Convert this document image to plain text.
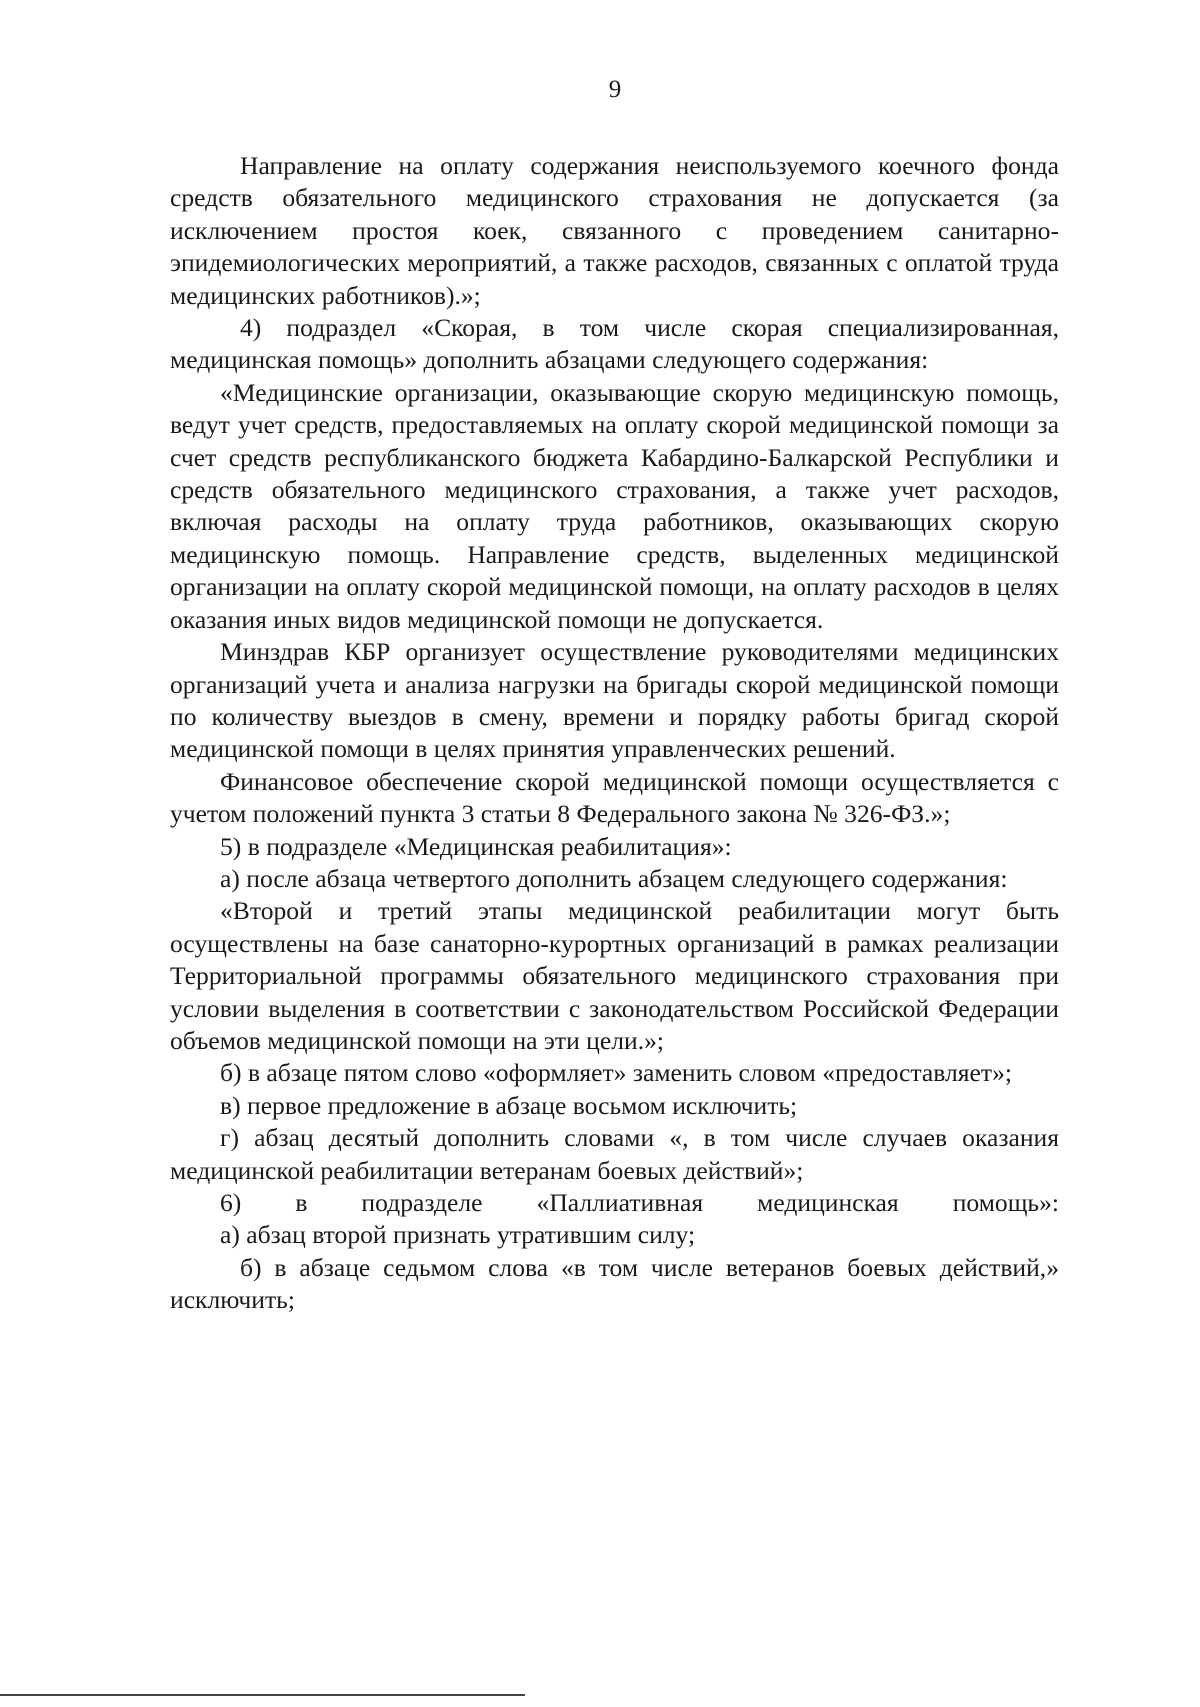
9

Направление на оплату содержания неиспользуемого коечного фонда средств обязательного медицинского страхования не допускается (за исключением простоя коек, связанного с проведением санитарно-эпидемиологических мероприятий, а также расходов, связанных с оплатой труда медицинских работников).»;

4) подраздел «Скорая, в том числе скорая специализированная, медицинская помощь» дополнить абзацами следующего содержания:

«Медицинские организации, оказывающие скорую медицинскую помощь, ведут учет средств, предоставляемых на оплату скорой медицинской помощи за счет средств республиканского бюджета Кабардино-Балкарской Республики и средств обязательного медицинского страхования, а также учет расходов, включая расходы на оплату труда работников, оказывающих скорую медицинскую помощь. Направление средств, выделенных медицинской организации на оплату скорой медицинской помощи, на оплату расходов в целях оказания иных видов медицинской помощи не допускается.

Минздрав КБР организует осуществление руководителями медицинских организаций учета и анализа нагрузки на бригады скорой медицинской помощи по количеству выездов в смену, времени и порядку работы бригад скорой медицинской помощи в целях принятия управленческих решений.

Финансовое обеспечение скорой медицинской помощи осуществляется с учетом положений пункта 3 статьи 8 Федерального закона № 326-ФЗ.»;

5) в подразделе «Медицинская реабилитация»:

а) после абзаца четвертого дополнить абзацем следующего содержания:

«Второй и третий этапы медицинской реабилитации могут быть осуществлены на базе санаторно-курортных организаций в рамках реализации Территориальной программы обязательного медицинского страхования при условии выделения в соответствии с законодательством Российской Федерации объемов медицинской помощи на эти цели.»;

б) в абзаце пятом слово «оформляет» заменить словом «предоставляет»;

в) первое предложение в абзаце восьмом исключить;

г) абзац десятый дополнить словами «, в том числе случаев оказания медицинской реабилитации ветеранам боевых действий»;

6) в подразделе «Паллиативная медицинская помощь»:

а) абзац второй признать утратившим силу;

б) в абзаце седьмом слова «в том числе ветеранов боевых действий,» исключить;
